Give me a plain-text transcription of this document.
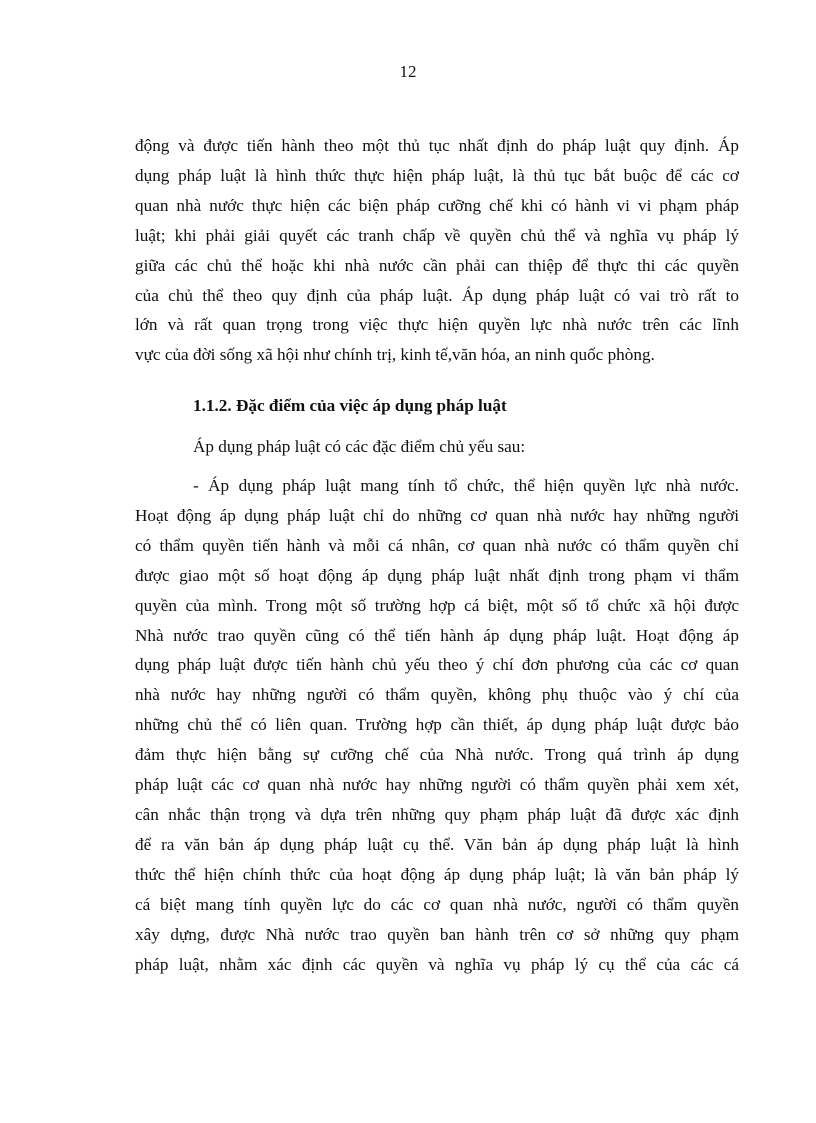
12
động và được tiến hành theo một thủ tục nhất định do pháp luật quy định. Áp
dụng pháp luật là hình thức thực hiện pháp luật, là thủ tục bắt buộc để các cơ
quan nhà nước thực hiện các biện pháp cưỡng chế khi có hành vi vi phạm pháp
luật; khi phải giải quyết các tranh chấp về quyền chủ thể và nghĩa vụ pháp lý
giữa các chủ thể hoặc khi nhà nước cần phải can thiệp để thực thi các quyền
của chủ thể theo quy định của pháp luật. Áp dụng pháp luật có vai trò rất to
lớn và rất quan trọng trong việc thực hiện quyền lực nhà nước trên các lĩnh
vực của đời sống xã hội như chính trị, kinh tế,văn hóa, an ninh quốc phòng.
1.1.2. Đặc điểm của việc áp dụng pháp luật
Áp dụng pháp luật có các đặc điểm chủ yếu sau:
- Áp dụng pháp luật mang tính tổ chức, thể hiện quyền lực nhà nước.
Hoạt động áp dụng pháp luật chỉ do những cơ quan nhà nước hay những người
có thẩm quyền tiến hành và mỗi cá nhân, cơ quan nhà nước có thẩm quyền chỉ
được giao một số hoạt động áp dụng pháp luật nhất định trong phạm vi thẩm
quyền của mình. Trong một số trường hợp cá biệt, một số tổ chức xã hội được
Nhà nước trao quyền cũng có thể tiến hành áp dụng pháp luật. Hoạt động áp
dụng pháp luật được tiến hành chủ yếu theo ý chí đơn phương của các cơ quan
nhà nước hay những người có thẩm quyền, không phụ thuộc vào ý chí của
những chủ thể có liên quan. Trường hợp cần thiết, áp dụng pháp luật được bảo
đảm thực hiện bằng sự cưỡng chế của Nhà nước. Trong quá trình áp dụng
pháp luật các cơ quan nhà nước hay những người có thẩm quyền phải xem xét,
cân nhắc thận trọng và dựa trên những quy phạm pháp luật đã được xác định
để ra văn bản áp dụng pháp luật cụ thể. Văn bản áp dụng pháp luật là hình
thức thể hiện chính thức của hoạt động áp dụng pháp luật; là văn bản pháp lý
cá biệt mang tính quyền lực do các cơ quan nhà nước, người có thẩm quyền
xây dựng, được Nhà nước trao quyền ban hành trên cơ sở những quy phạm
pháp luật, nhằm xác định các quyền và nghĩa vụ pháp lý cụ thể của các cá
